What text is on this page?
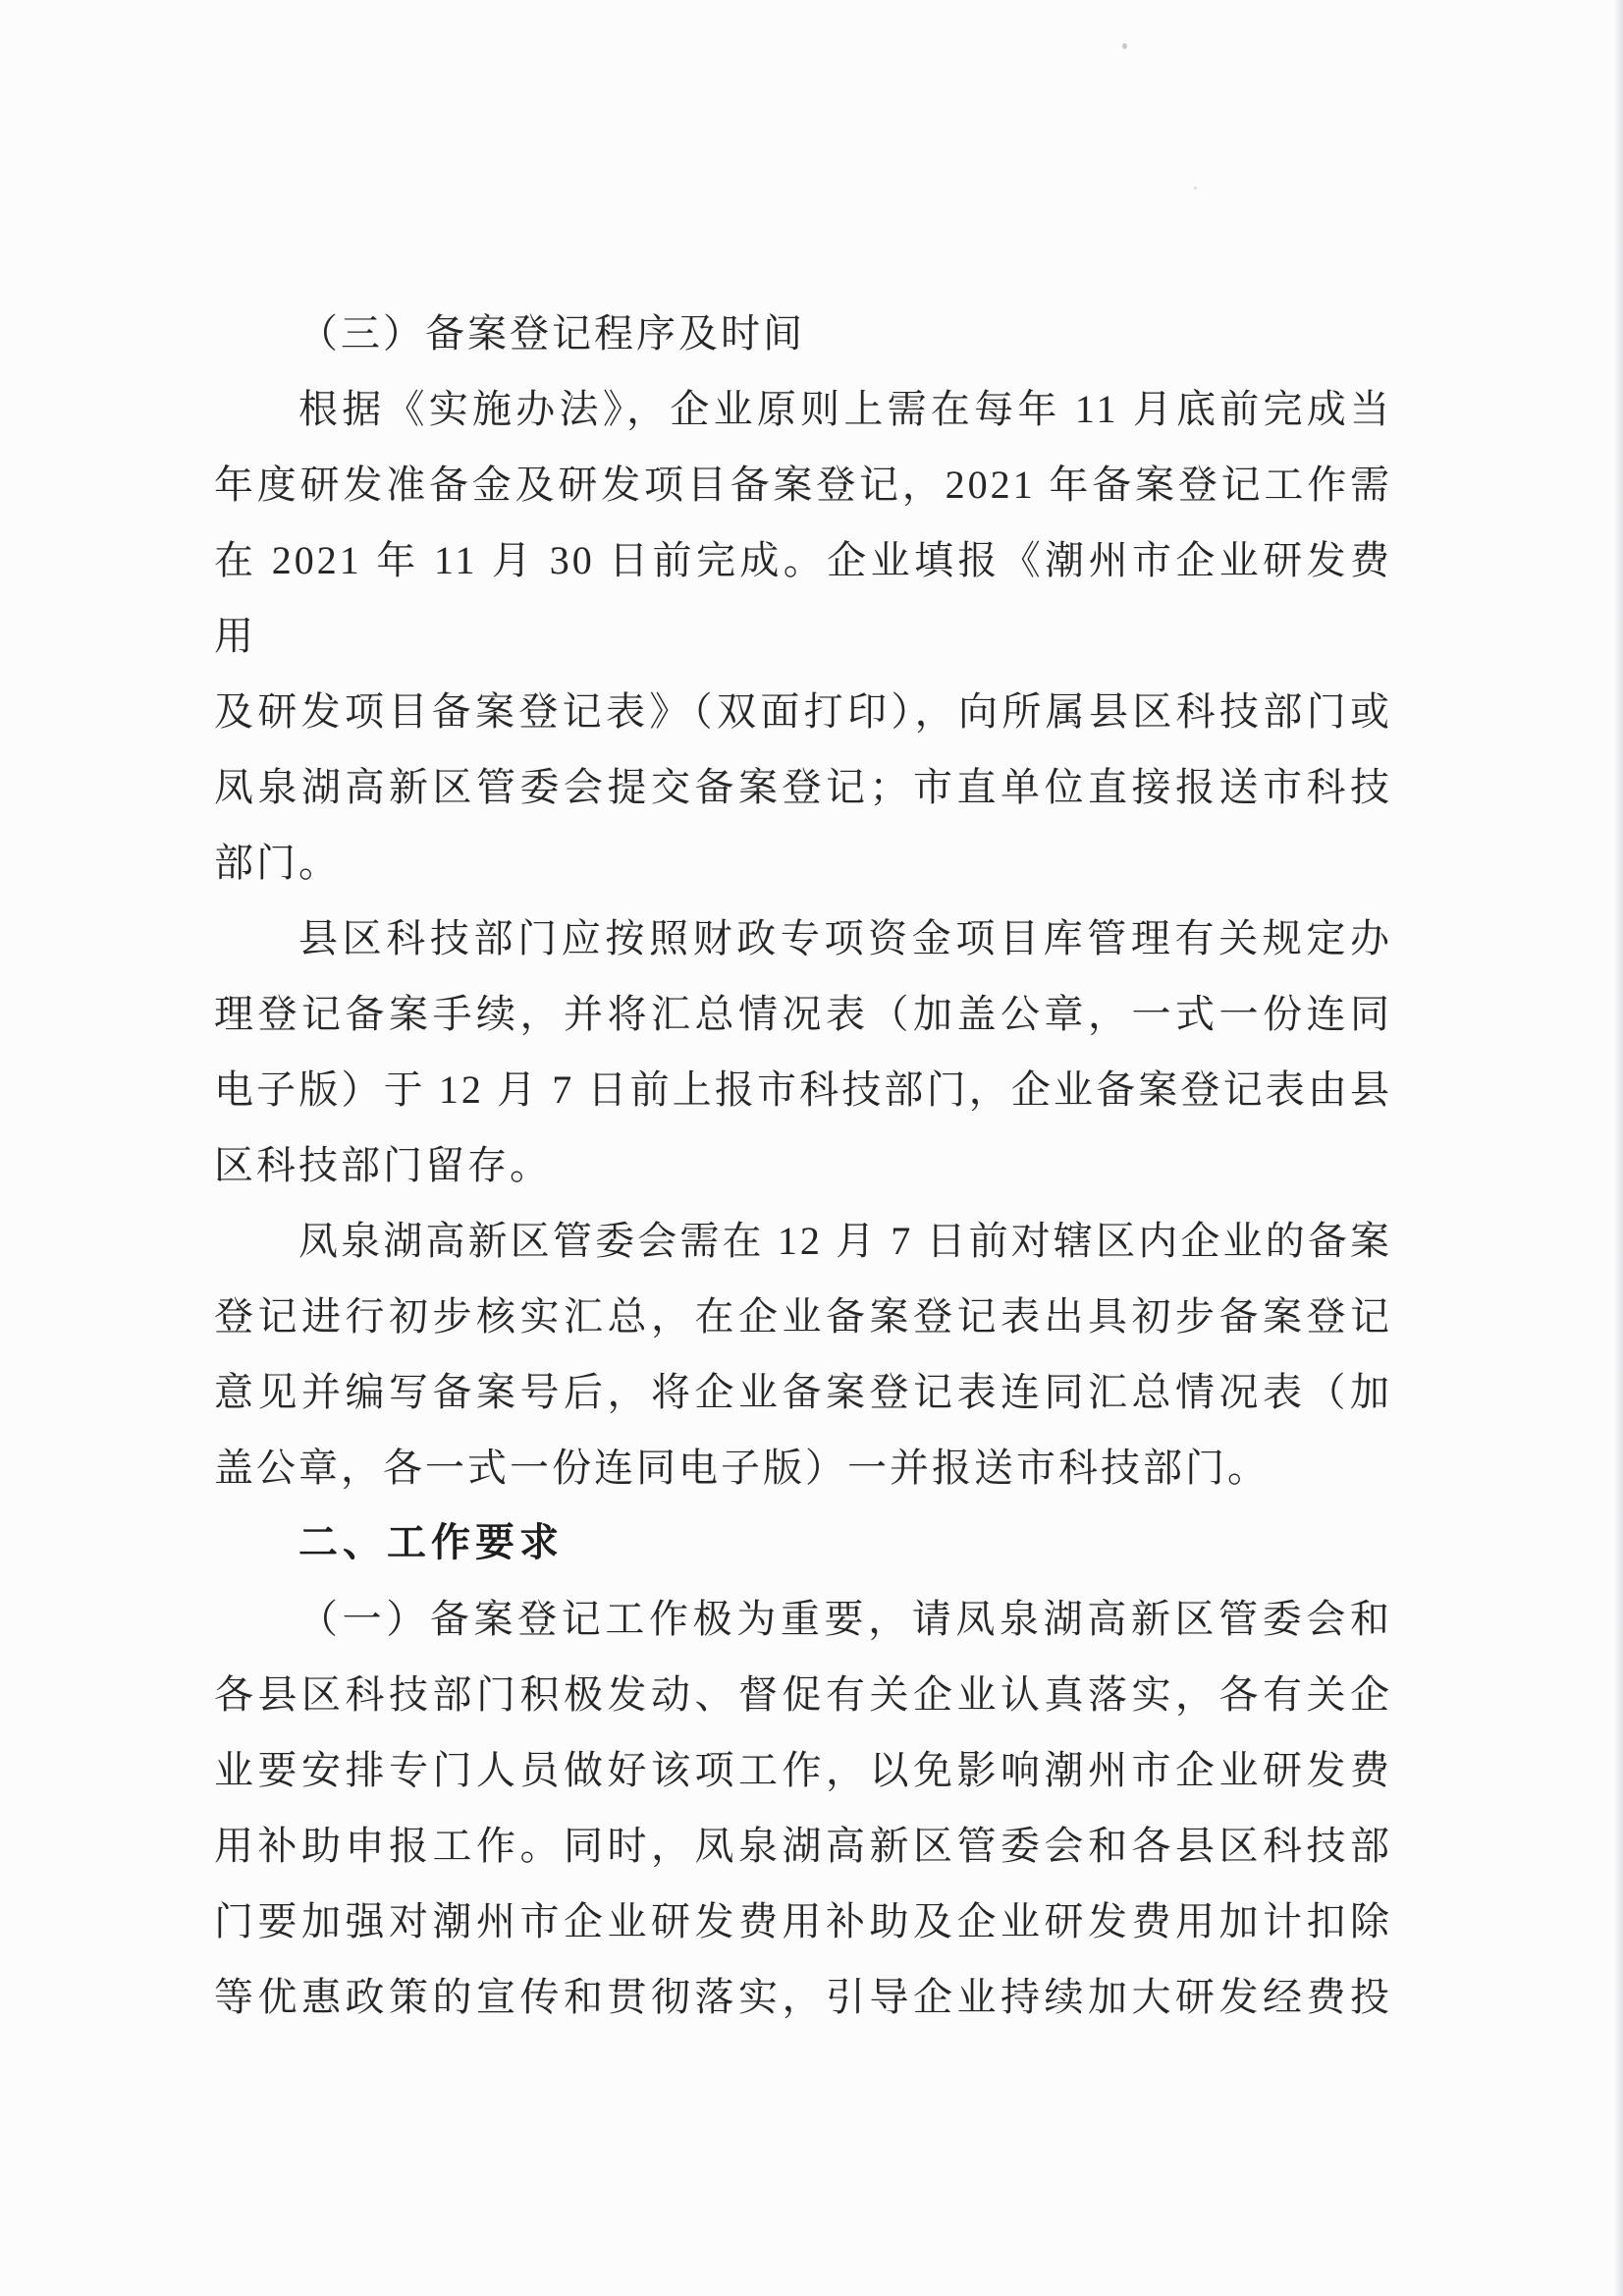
（三）备案登记程序及时间
根据《实施办法》，企业原则上需在每年 11 月底前完成当
年度研发准备金及研发项目备案登记，2021 年备案登记工作需
在 2021 年 11 月 30 日前完成。企业填报《潮州市企业研发费用
及研发项目备案登记表》（双面打印），向所属县区科技部门或
凤泉湖高新区管委会提交备案登记；市直单位直接报送市科技
部门。
县区科技部门应按照财政专项资金项目库管理有关规定办
理登记备案手续，并将汇总情况表（加盖公章，一式一份连同
电子版）于 12 月 7 日前上报市科技部门，企业备案登记表由县
区科技部门留存。
凤泉湖高新区管委会需在 12 月 7 日前对辖区内企业的备案
登记进行初步核实汇总，在企业备案登记表出具初步备案登记
意见并编写备案号后，将企业备案登记表连同汇总情况表（加
盖公章，各一式一份连同电子版）一并报送市科技部门。
二、工作要求
（一）备案登记工作极为重要，请凤泉湖高新区管委会和
各县区科技部门积极发动、督促有关企业认真落实，各有关企
业要安排专门人员做好该项工作，以免影响潮州市企业研发费
用补助申报工作。同时，凤泉湖高新区管委会和各县区科技部
门要加强对潮州市企业研发费用补助及企业研发费用加计扣除
等优惠政策的宣传和贯彻落实，引导企业持续加大研发经费投
